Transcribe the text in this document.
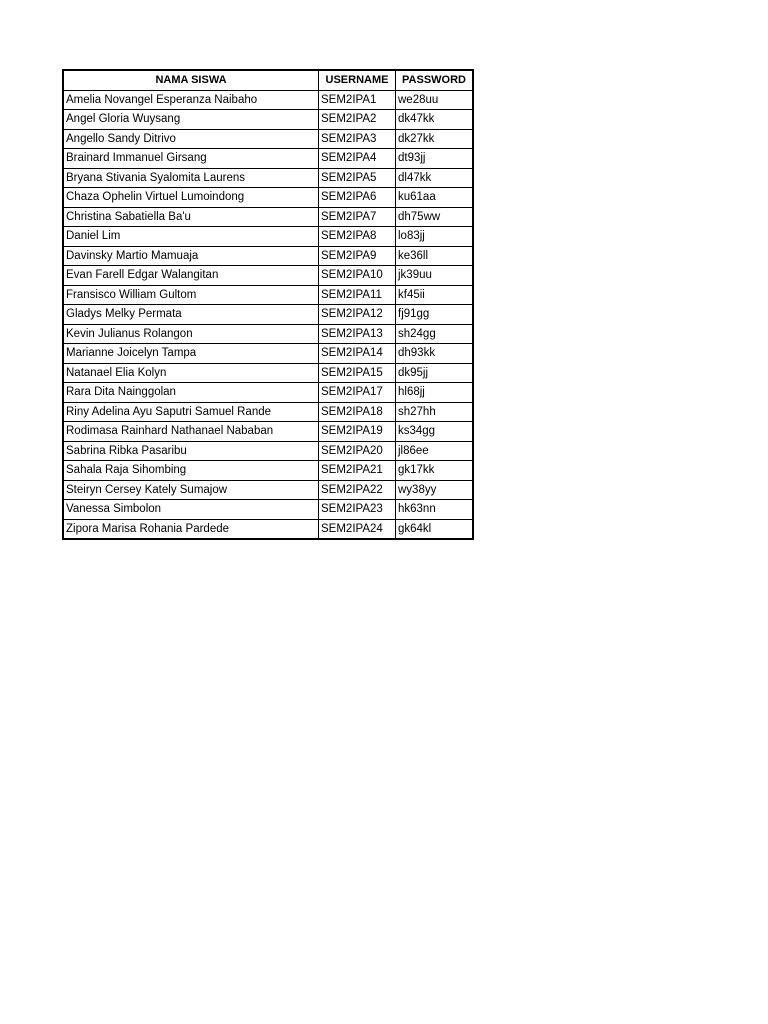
NAMA SISWA	USERNAME	PASSWORD
Amelia Novangel Esperanza Naibaho	SEM2IPA1	we28uu
Angel Gloria Wuysang	SEM2IPA2	dk47kk
Angello Sandy Ditrivo	SEM2IPA3	dk27kk
Brainard Immanuel Girsang	SEM2IPA4	dt93jj
Bryana Stivania Syalomita Laurens	SEM2IPA5	dl47kk
Chaza Ophelin Virtuel Lumoindong	SEM2IPA6	ku61aa
Christina Sabatiella Ba'u	SEM2IPA7	dh75ww
Daniel Lim	SEM2IPA8	lo83jj
Davinsky Martio Mamuaja	SEM2IPA9	ke36ll
Evan Farell Edgar Walangitan	SEM2IPA10	jk39uu
Fransisco William Gultom	SEM2IPA11	kf45ii
Gladys Melky Permata	SEM2IPA12	fj91gg
Kevin Julianus Rolangon	SEM2IPA13	sh24gg
Marianne Joicelyn Tampa	SEM2IPA14	dh93kk
Natanael Elia Kolyn	SEM2IPA15	dk95jj
Rara Dita Nainggolan	SEM2IPA17	hl68jj
Riny Adelina Ayu Saputri Samuel Rande	SEM2IPA18	sh27hh
Rodimasa Rainhard Nathanael Nababan	SEM2IPA19	ks34gg
Sabrina Ribka Pasaribu	SEM2IPA20	jl86ee
Sahala Raja Sihombing	SEM2IPA21	gk17kk
Steiryn Cersey Kately Sumajow	SEM2IPA22	wy38yy
Vanessa Simbolon	SEM2IPA23	hk63nn
Zipora Marisa Rohania Pardede	SEM2IPA24	gk64kl
